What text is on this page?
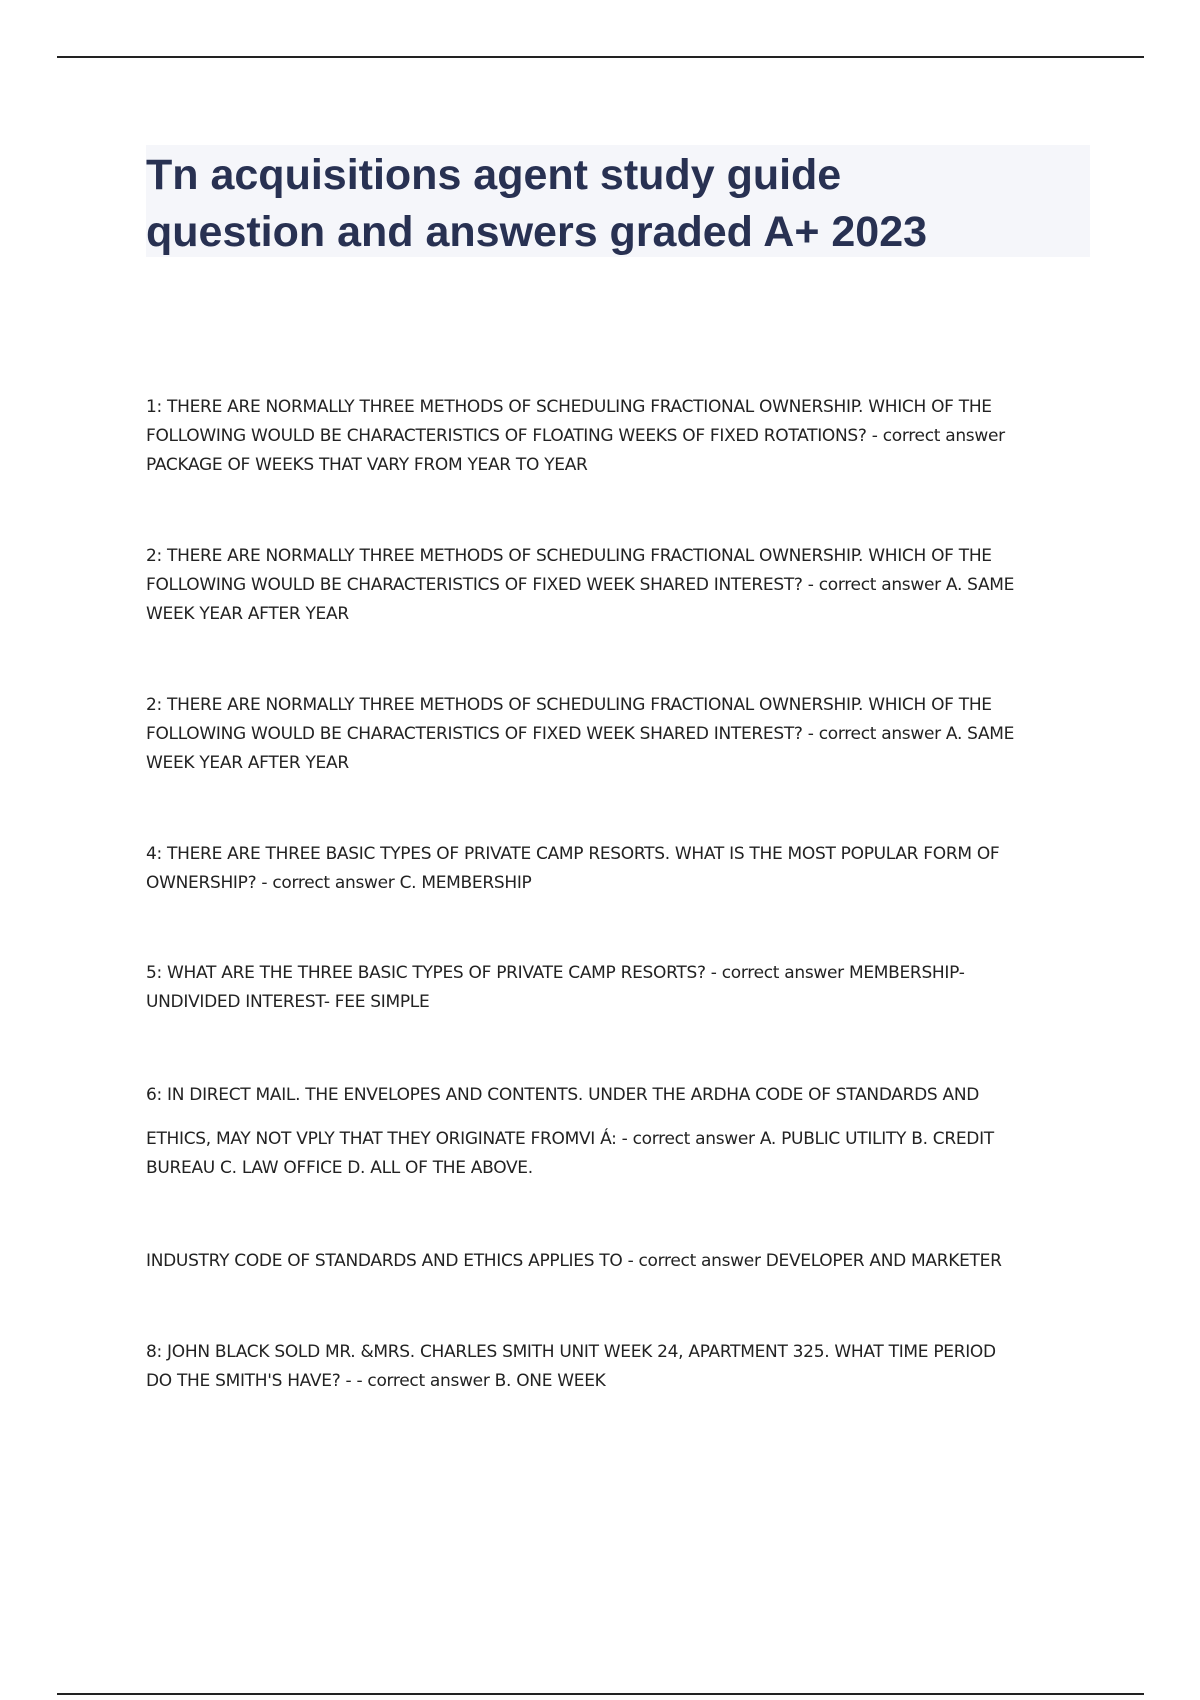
Tn acquisitions agent study guide
question and answers graded A+ 2023

1: THERE ARE NORMALLY THREE METHODS OF SCHEDULING FRACTIONAL OWNERSHIP. WHICH OF THE
FOLLOWING WOULD BE CHARACTERISTICS OF FLOATING WEEKS OF FIXED ROTATIONS? - correct answer
PACKAGE OF WEEKS THAT VARY FROM YEAR TO YEAR

2: THERE ARE NORMALLY THREE METHODS OF SCHEDULING FRACTIONAL OWNERSHIP. WHICH OF THE
FOLLOWING WOULD BE CHARACTERISTICS OF FIXED WEEK SHARED INTEREST? - correct answer A. SAME
WEEK YEAR AFTER YEAR

2: THERE ARE NORMALLY THREE METHODS OF SCHEDULING FRACTIONAL OWNERSHIP. WHICH OF THE
FOLLOWING WOULD BE CHARACTERISTICS OF FIXED WEEK SHARED INTEREST? - correct answer A. SAME
WEEK YEAR AFTER YEAR

4: THERE ARE THREE BASIC TYPES OF PRIVATE CAMP RESORTS. WHAT IS THE MOST POPULAR FORM OF
OWNERSHIP? - correct answer C. MEMBERSHIP

5: WHAT ARE THE THREE BASIC TYPES OF PRIVATE CAMP RESORTS? - correct answer MEMBERSHIP-
UNDIVIDED INTEREST- FEE SIMPLE

6: IN DIRECT MAIL. THE ENVELOPES AND CONTENTS. UNDER THE ARDHA CODE OF STANDARDS AND
ETHICS, MAY NOT VPLY THAT THEY ORIGINATE FROMVI Á: - correct answer A. PUBLIC UTILITY B. CREDIT
BUREAU C. LAW OFFICE D. ALL OF THE ABOVE.

INDUSTRY CODE OF STANDARDS AND ETHICS APPLIES TO - correct answer DEVELOPER AND MARKETER

8: JOHN BLACK SOLD MR. &MRS. CHARLES SMITH UNIT WEEK 24, APARTMENT 325. WHAT TIME PERIOD
DO THE SMITH'S HAVE? - - correct answer B. ONE WEEK
